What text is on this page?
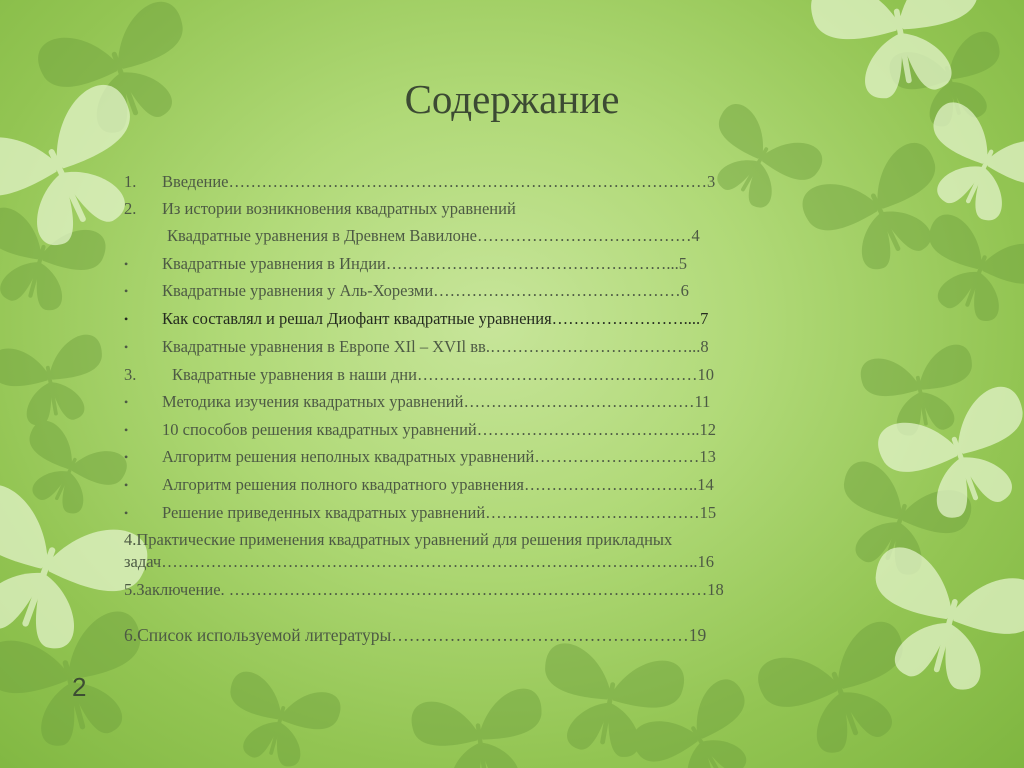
Содержание
1. Введение……………………………………………………………………………3
2. Из истории возникновения квадратных уравнений
Квадратные уравнения в Древнем Вавилоне…………………………………4
• Квадратные уравнения в Индии……………………………………………...5
• Квадратные уравнения у Аль-Хорезми………………………………………6
• Как составлял и решал Диофант квадратные уравнения……………………....7
• Квадратные уравнения в Европе XIl – XVIl вв.………………………………...8
3. Квадратные уравнения в наши дни……………………………………………10
• Методика изучения квадратных уравнений……………………………………11
• 10 способов решения квадратных уравнений…………………………………..12
• Алгоритм решения неполных квадратных уравнений…………………………13
• Алгоритм решения полного квадратного уравнения…………………………..14
• Решение приведенных квадратных уравнений…………………………………15
4.Практические применения квадратных уравнений для решения прикладных
задач……………………………………………………………………………………..16
5.Заключение. ……………………………………………………………………………18
6.Список используемой литературы……………………………………………19
2
